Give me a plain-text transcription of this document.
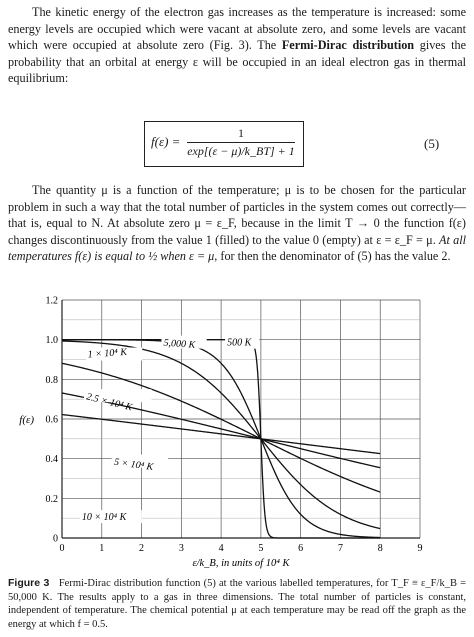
The kinetic energy of the electron gas increases as the temperature is increased: some energy levels are occupied which were vacant at absolute zero, and some levels are vacant which were occupied at absolute zero (Fig. 3). The Fermi-Dirac distribution gives the probability that an orbital at energy ε will be occupied in an ideal electron gas in thermal equilibrium:

f(ε) =
1
exp[(ε − μ)/k_BT] + 1	(5)

The quantity μ is a function of the temperature; μ is to be chosen for the particular problem in such a way that the total number of particles in the system comes out correctly—that is, equal to N. At absolute zero μ = ε_F, because in the limit T → 0 the function f(ε) changes discontinuously from the value 1 (filled) to the value 0 (empty) at ε = ε_F = μ. At all temperatures f(ε) is equal to ½ when ε = μ, for then the denominator of (5) has the value 2.

0	1	2	3	4	5	6	7	8	9
0
0.2
0.4
0.6
0.8
1.0
1.2
500 K
5,000 K
1 × 10⁴ K
2.5 × 10⁴ K
5 × 10⁴ K
10 × 10⁴ K
ε/k_B, in units of 10⁴ K
f(ε)

Figure 3 Fermi-Dirac distribution function (5) at the various labelled temperatures, for T_F ≡ ε_F/k_B = 50,000 K. The results apply to a gas in three dimensions. The total number of particles is constant, independent of temperature. The chemical potential μ at each temperature may be read off the graph as the energy at which f = 0.5.
